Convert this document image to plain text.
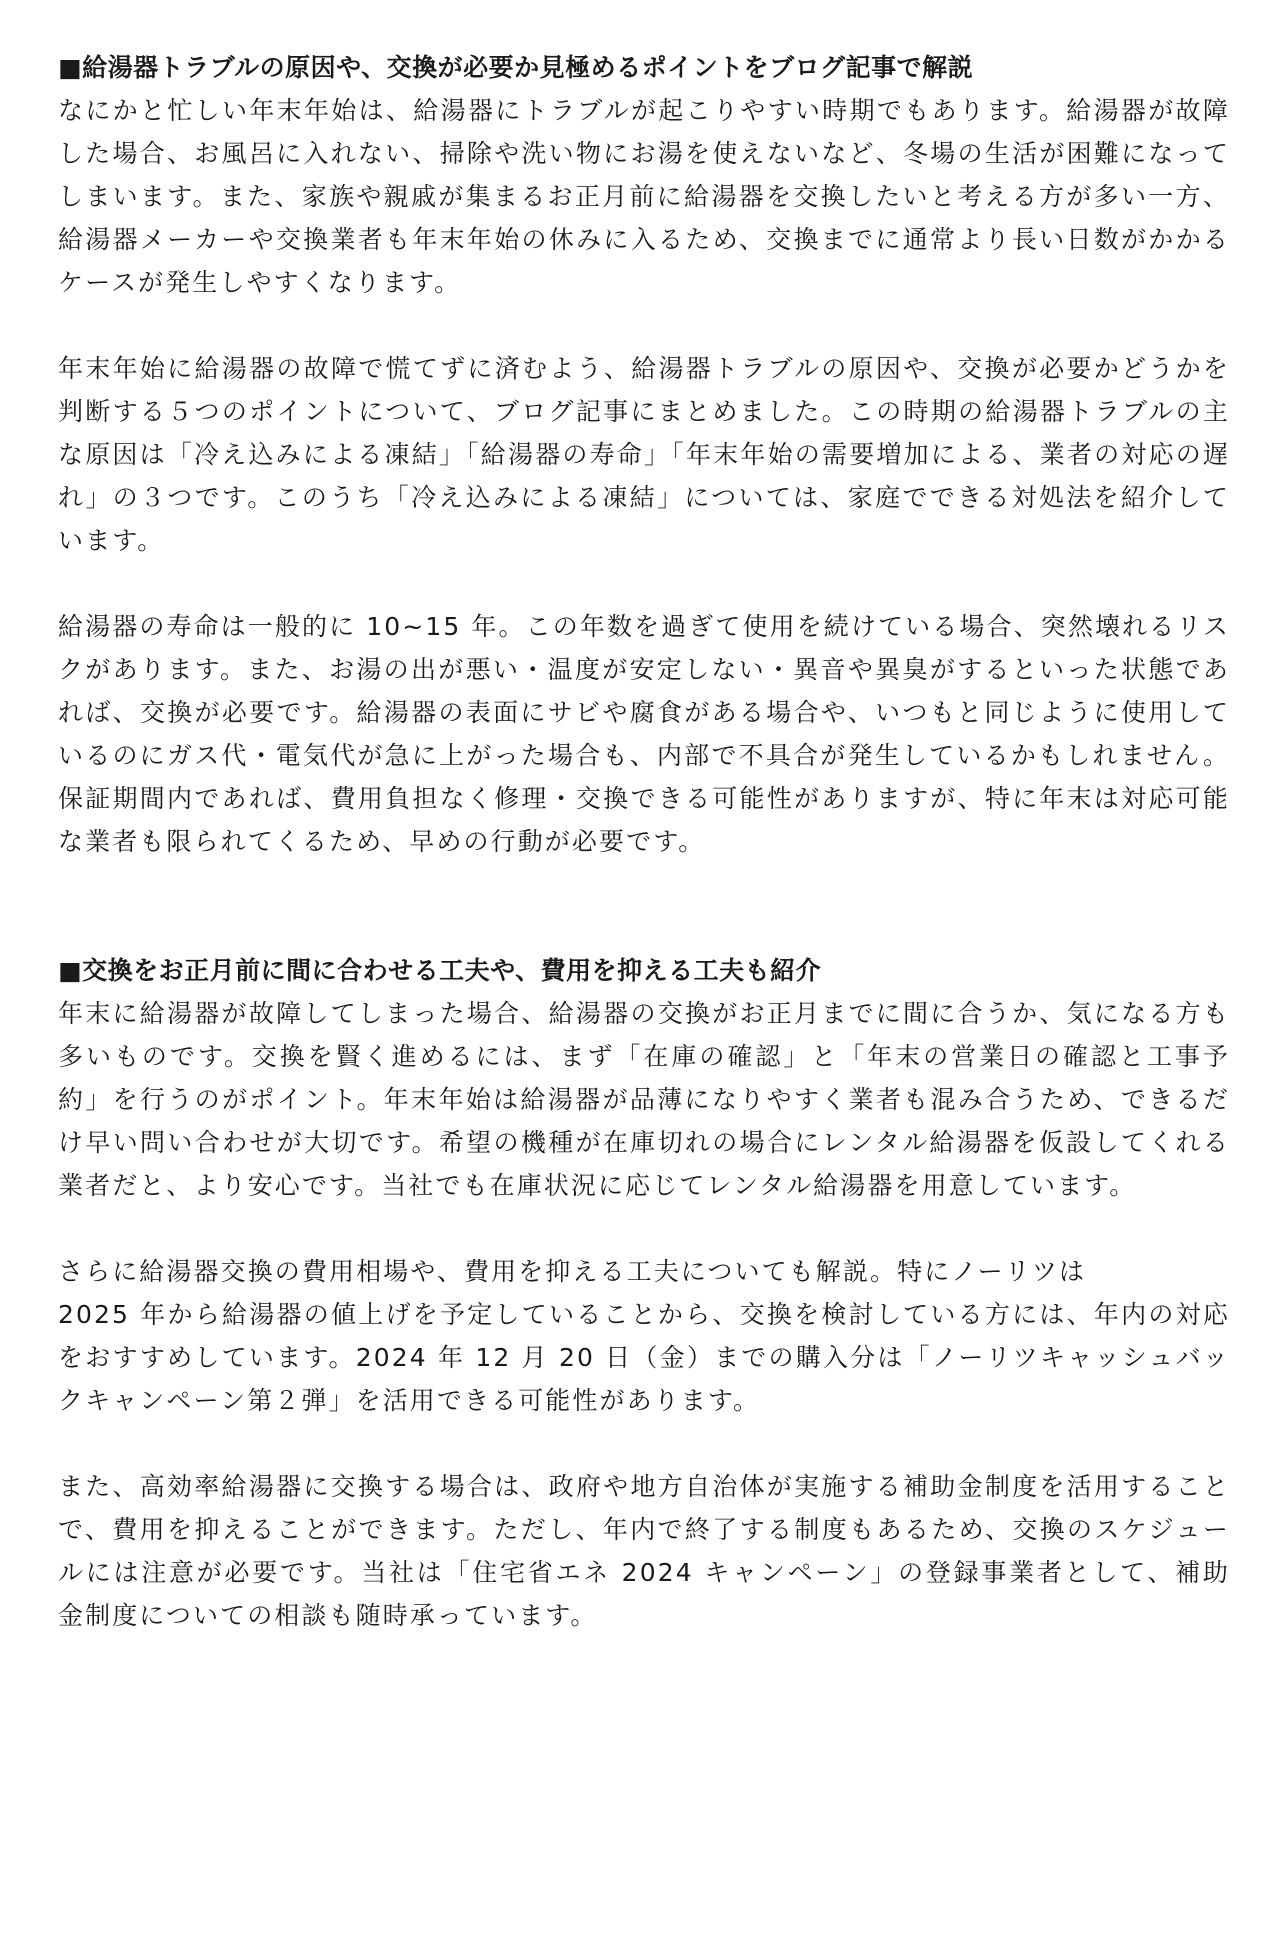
■給湯器トラブルの原因や、交換が必要か見極めるポイントをブログ記事で解説

なにかと忙しい年末年始は、給湯器にトラブルが起こりやすい時期でもあります。給湯器が故障した場合、お風呂に入れない、掃除や洗い物にお湯を使えないなど、冬場の生活が困難になってしまいます。また、家族や親戚が集まるお正月前に給湯器を交換したいと考える方が多い一方、給湯器メーカーや交換業者も年末年始の休みに入るため、交換までに通常より長い日数がかかるケースが発生しやすくなります。

年末年始に給湯器の故障で慌てずに済むよう、給湯器トラブルの原因や、交換が必要かどうかを判断する５つのポイントについて、ブログ記事にまとめました。この時期の給湯器トラブルの主な原因は「冷え込みによる凍結」「給湯器の寿命」「年末年始の需要増加による、業者の対応の遅れ」の３つです。このうち「冷え込みによる凍結」については、家庭でできる対処法を紹介しています。

給湯器の寿命は一般的に 10~15 年。この年数を過ぎて使用を続けている場合、突然壊れるリスクがあります。また、お湯の出が悪い・温度が安定しない・異音や異臭がするといった状態であれば、交換が必要です。給湯器の表面にサビや腐食がある場合や、いつもと同じように使用しているのにガス代・電気代が急に上がった場合も、内部で不具合が発生しているかもしれません。保証期間内であれば、費用負担なく修理・交換できる可能性がありますが、特に年末は対応可能な業者も限られてくるため、早めの行動が必要です。

■交換をお正月前に間に合わせる工夫や、費用を抑える工夫も紹介

年末に給湯器が故障してしまった場合、給湯器の交換がお正月までに間に合うか、気になる方も多いものです。交換を賢く進めるには、まず「在庫の確認」と「年末の営業日の確認と工事予約」を行うのがポイント。年末年始は給湯器が品薄になりやすく業者も混み合うため、できるだけ早い問い合わせが大切です。希望の機種が在庫切れの場合にレンタル給湯器を仮設してくれる業者だと、より安心です。当社でも在庫状況に応じてレンタル給湯器を用意しています。

さらに給湯器交換の費用相場や、費用を抑える工夫についても解説。特にノーリツは
2025 年から給湯器の値上げを予定していることから、交換を検討している方には、年内の対応をおすすめしています。2024 年 12 月 20 日（金）までの購入分は「ノーリツキャッシュバックキャンペーン第２弾」を活用できる可能性があります。

また、高効率給湯器に交換する場合は、政府や地方自治体が実施する補助金制度を活用することで、費用を抑えることができます。ただし、年内で終了する制度もあるため、交換のスケジュールには注意が必要です。当社は「住宅省エネ 2024 キャンペーン」の登録事業者として、補助金制度についての相談も随時承っています。
